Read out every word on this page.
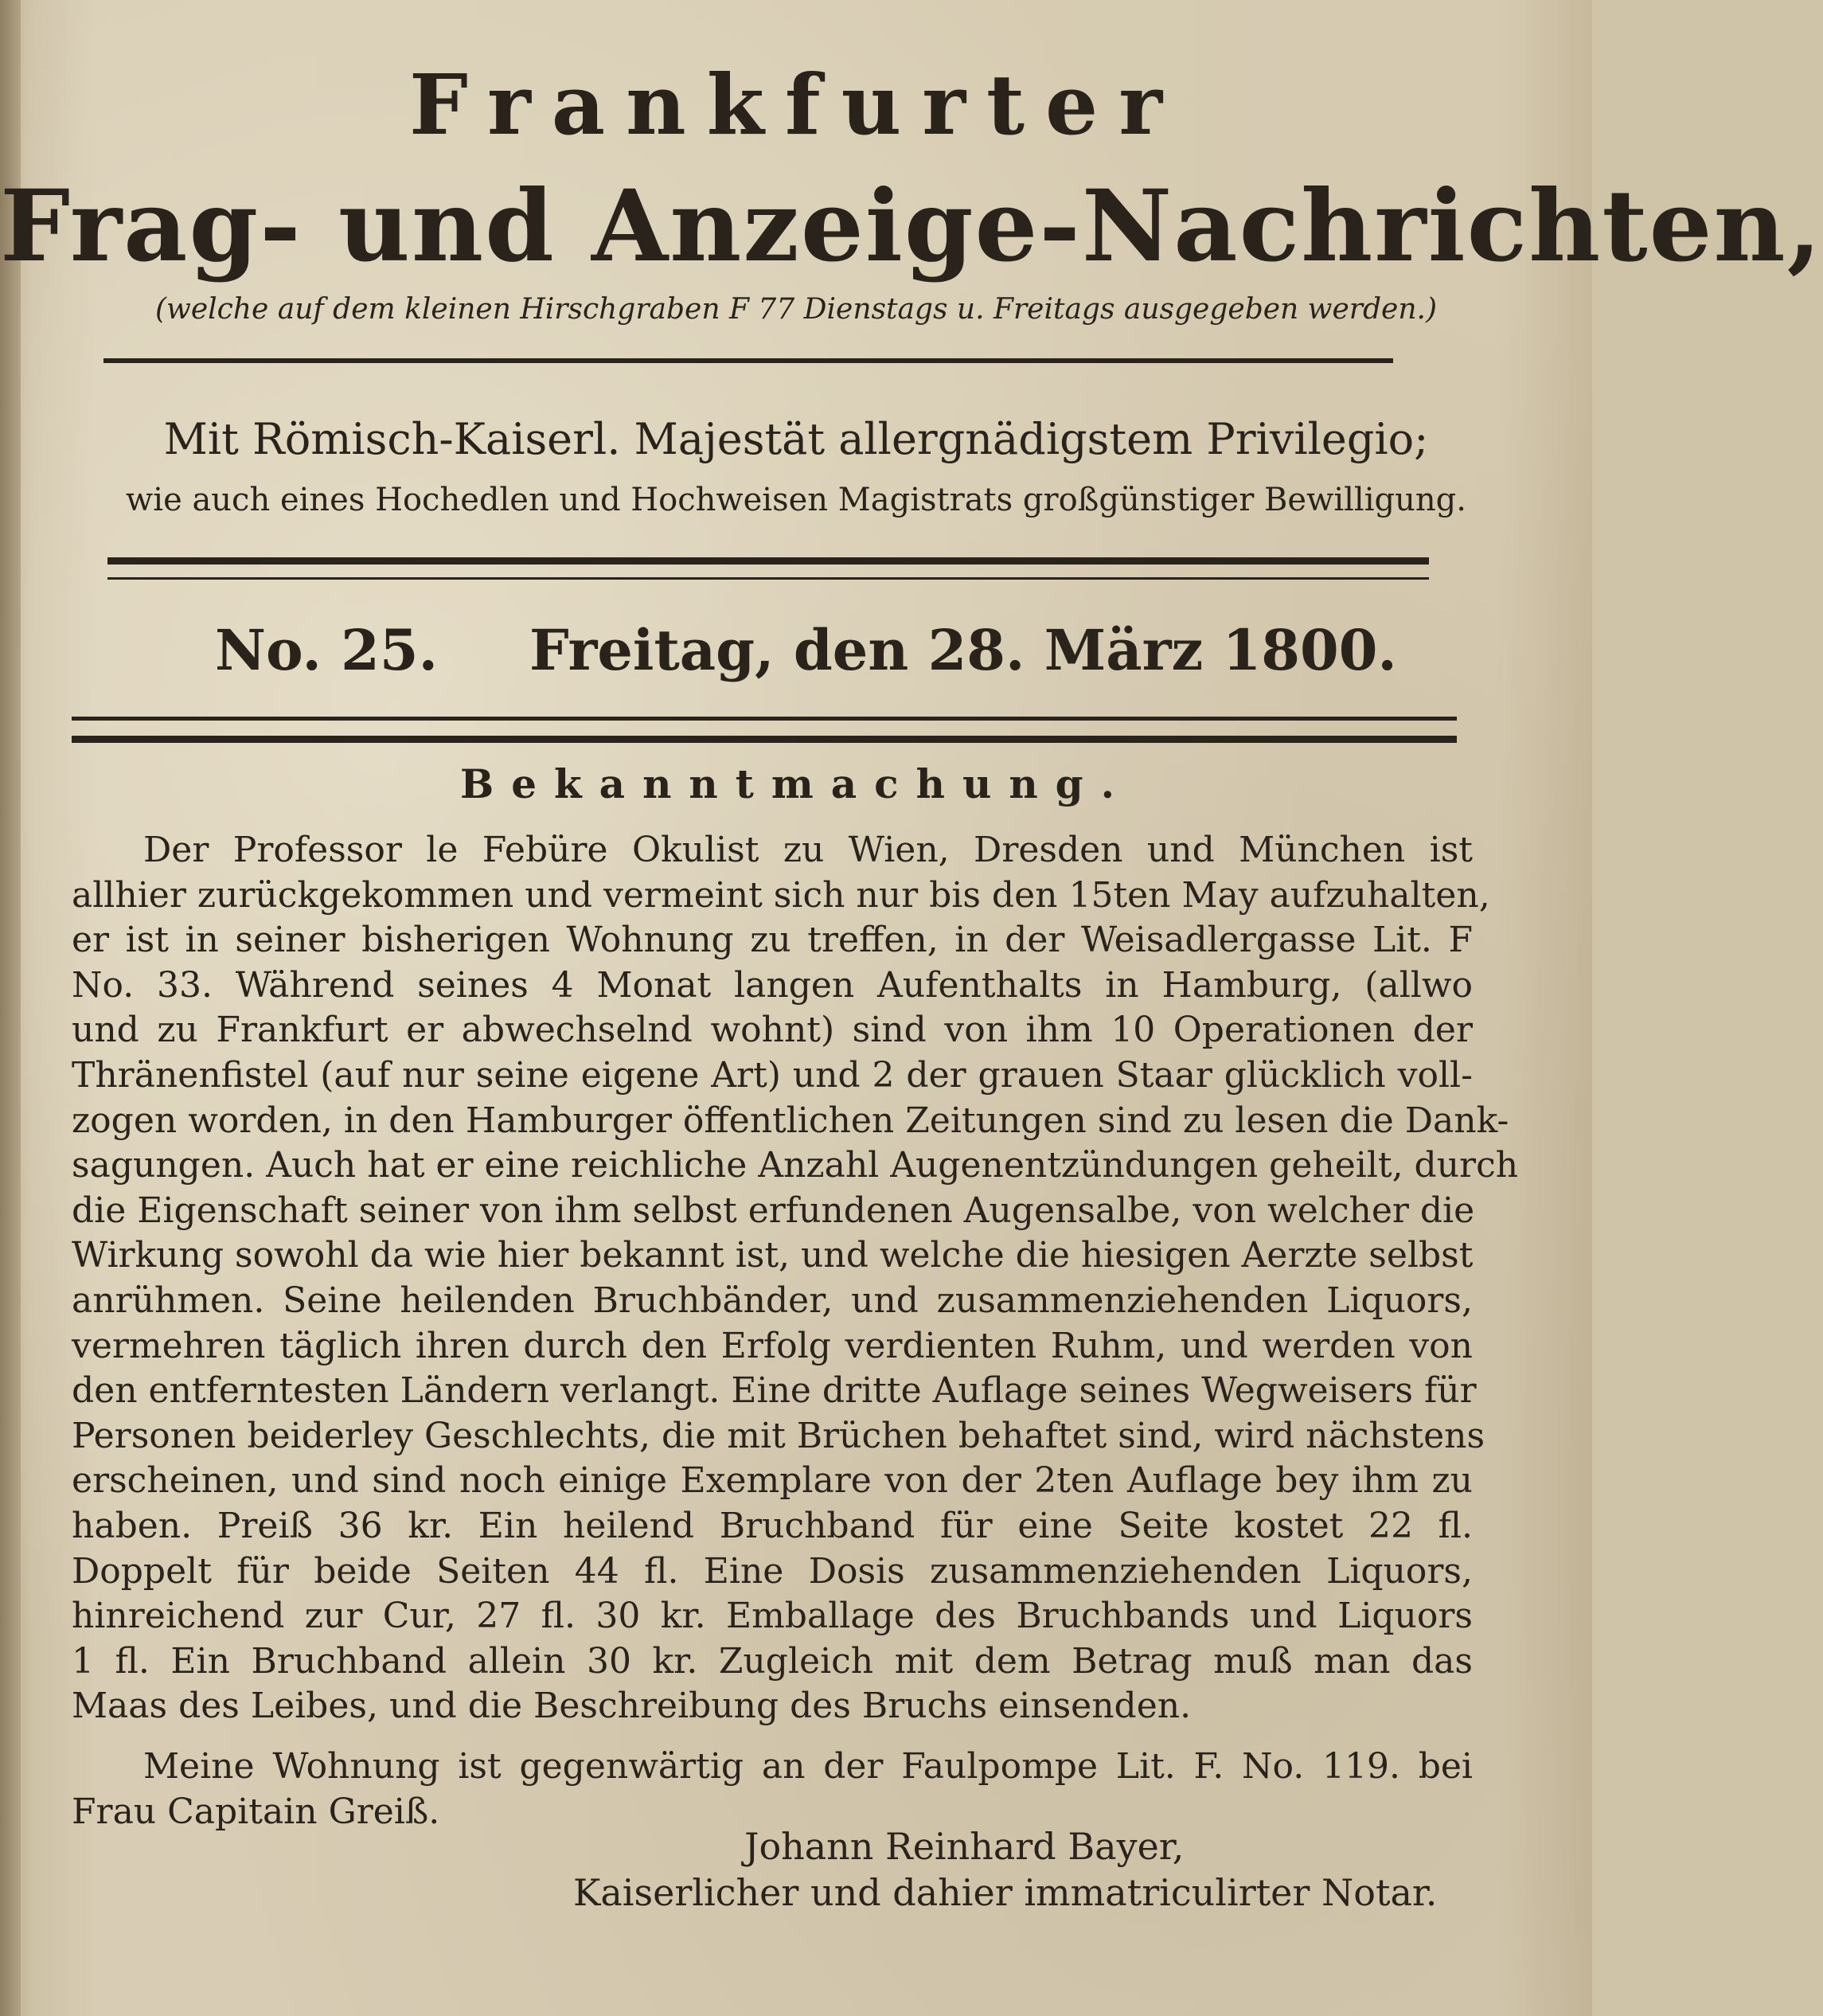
Frankfurter
Frag- und Anzeige-Nachrichten,
(welche auf dem kleinen Hirschgraben F 77 Dienstags u. Freitags ausgegeben werden.)
Mit Römisch-Kaiserl. Majestät allergnädigstem Privilegio;
wie auch eines Hochedlen und Hochweisen Magistrats großgünstiger Bewilligung.
No. 25. Freitag, den 28. März 1800.
Bekanntmachung.
Der Professor le Febüre Okulist zu Wien, Dresden und München ist
allhier zurückgekommen und vermeint sich nur bis den 15ten May aufzuhalten,
er ist in seiner bisherigen Wohnung zu treffen, in der Weisadlergasse Lit. F
No. 33. Während seines 4 Monat langen Aufenthalts in Hamburg, (allwo
und zu Frankfurt er abwechselnd wohnt) sind von ihm 10 Operationen der
Thränenfistel (auf nur seine eigene Art) und 2 der grauen Staar glücklich voll-
zogen worden, in den Hamburger öffentlichen Zeitungen sind zu lesen die Dank-
sagungen. Auch hat er eine reichliche Anzahl Augenentzündungen geheilt, durch
die Eigenschaft seiner von ihm selbst erfundenen Augensalbe, von welcher die
Wirkung sowohl da wie hier bekannt ist, und welche die hiesigen Aerzte selbst
anrühmen. Seine heilenden Bruchbänder, und zusammenziehenden Liquors,
vermehren täglich ihren durch den Erfolg verdienten Ruhm, und werden von
den entferntesten Ländern verlangt. Eine dritte Auflage seines Wegweisers für
Personen beiderley Geschlechts, die mit Brüchen behaftet sind, wird nächstens
erscheinen, und sind noch einige Exemplare von der 2ten Auflage bey ihm zu
haben. Preiß 36 kr. Ein heilend Bruchband für eine Seite kostet 22 fl.
Doppelt für beide Seiten 44 fl. Eine Dosis zusammenziehenden Liquors,
hinreichend zur Cur, 27 fl. 30 kr. Emballage des Bruchbands und Liquors
1 fl. Ein Bruchband allein 30 kr. Zugleich mit dem Betrag muß man das
Maas des Leibes, und die Beschreibung des Bruchs einsenden.
Meine Wohnung ist gegenwärtig an der Faulpompe Lit. F. No. 119. bei
Frau Capitain Greiß.
Johann Reinhard Bayer,
Kaiserlicher und dahier immatriculirter Notar.
